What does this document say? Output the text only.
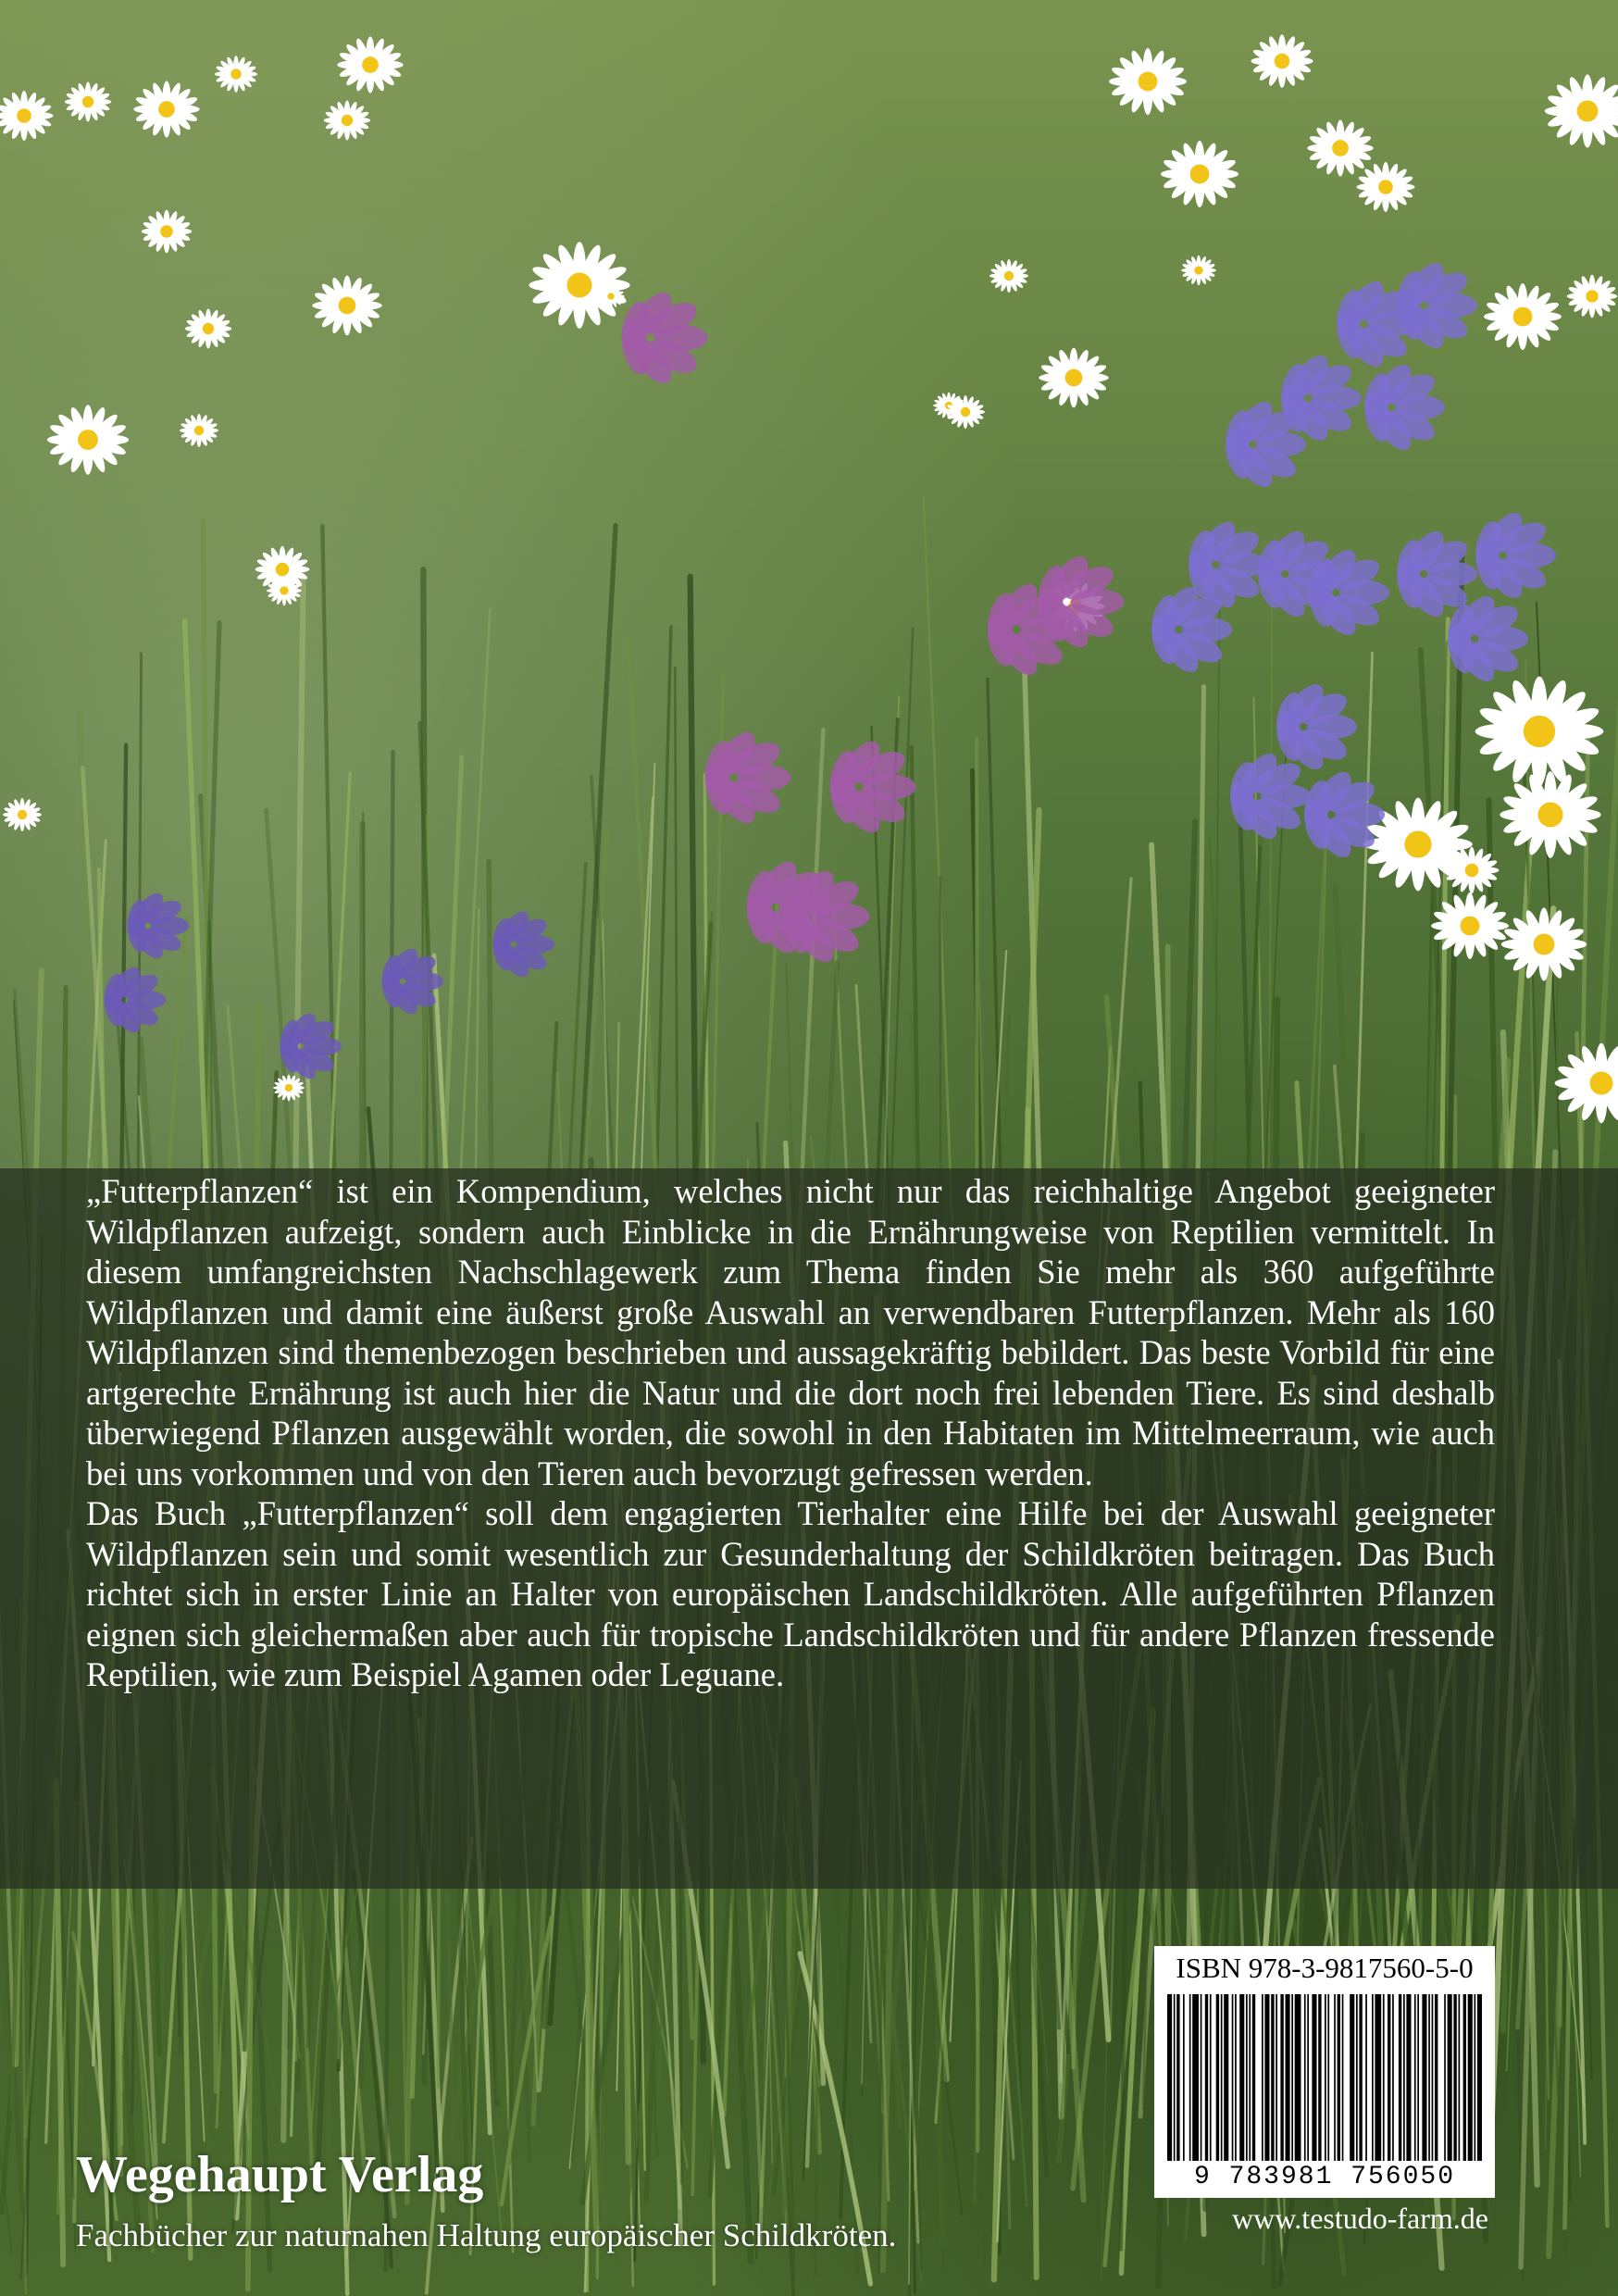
„Futterpflanzen“ ist ein Kompendium, welches nicht nur das reichhaltige Angebot geeigneter Wildpflanzen aufzeigt, sondern auch Einblicke in die Ernährungweise von Reptilien vermittelt. In diesem umfangreichsten Nachschlagewerk zum Thema finden Sie mehr als 360 aufgeführte Wildpflanzen und damit eine äußerst große Auswahl an verwendbaren Futterpflanzen. Mehr als 160 Wildpflanzen sind themenbezogen beschrieben und aussagekräftig bebildert. Das beste Vorbild für eine artgerechte Ernährung ist auch hier die Natur und die dort noch frei lebenden Tiere. Es sind deshalb überwiegend Pflanzen ausgewählt worden, die sowohl in den Habitaten im Mittelmeerraum, wie auch bei uns vorkommen und von den Tieren auch bevorzugt gefressen werden.

Das Buch „Futterpflanzen“ soll dem engagierten Tierhalter eine Hilfe bei der Auswahl geeigneter Wildpflanzen sein und somit wesentlich zur Gesunderhaltung der Schildkröten beitragen. Das Buch richtet sich in erster Linie an Halter von europäischen Landschildkröten. Alle aufgeführten Pflanzen eignen sich gleichermaßen aber auch für tropische Landschildkröten und für andere Pflanzen fressende Reptilien, wie zum Beispiel Agamen oder Leguane.

ISBN 978-3-9817560-5-0
9 783981 756050
www.testudo-farm.de
Wegehaupt Verlag
Fachbücher zur naturnahen Haltung europäischer Schildkröten.
